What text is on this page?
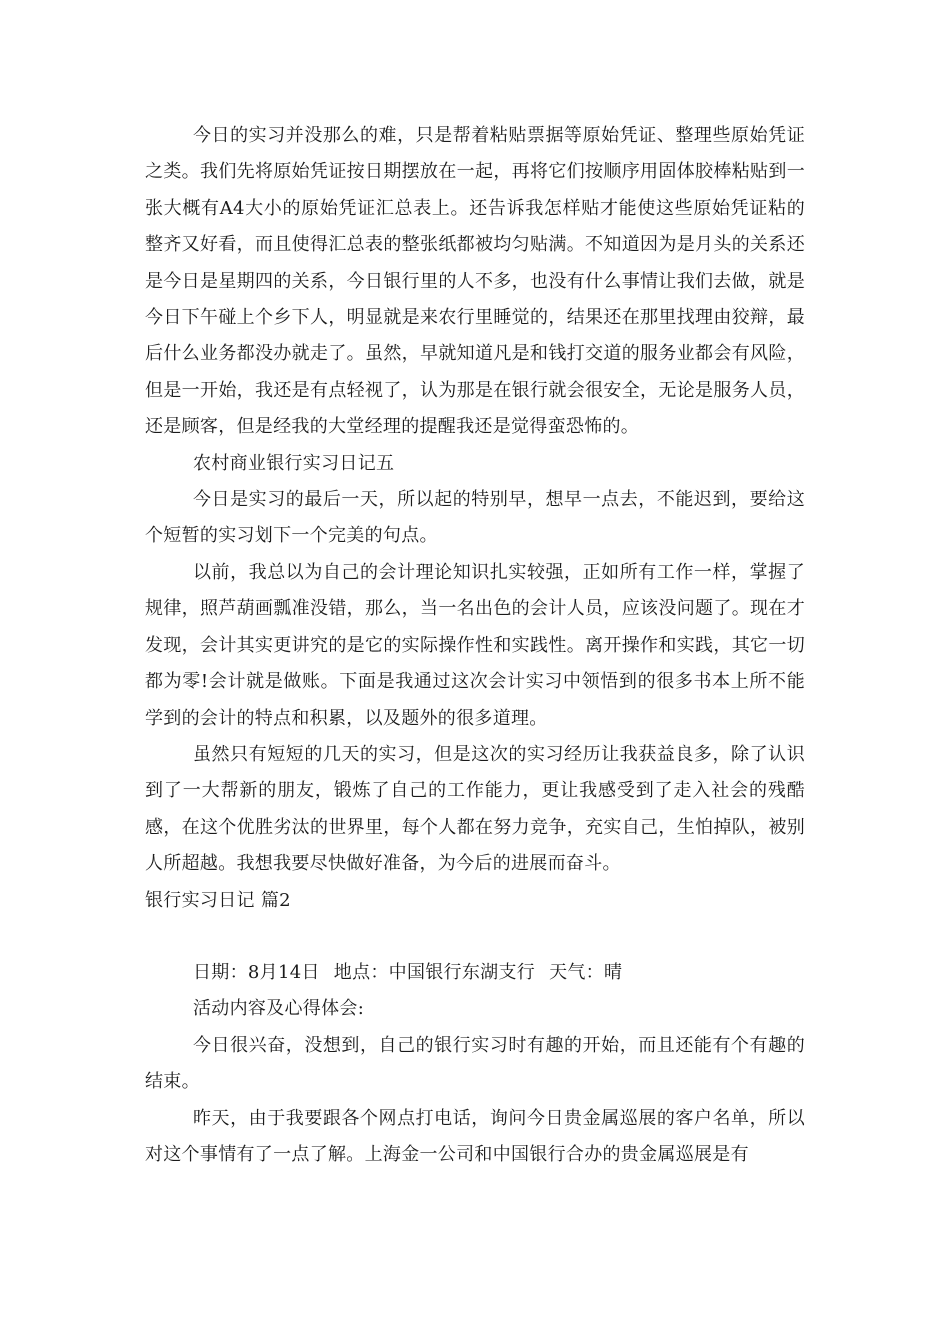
今日的实习并没那么的难，只是帮着粘贴票据等原始凭证、整理些原始凭证之类。我们先将原始凭证按日期摆放在一起，再将它们按顺序用固体胶棒粘贴到一张大概有A4大小的原始凭证汇总表上。还告诉我怎样贴才能使这些原始凭证粘的整齐又好看，而且使得汇总表的整张纸都被均匀贴满。不知道因为是月头的关系还是今日是星期四的关系，今日银行里的人不多，也没有什么事情让我们去做，就是今日下午碰上个乡下人，明显就是来农行里睡觉的，结果还在那里找理由狡辩，最后什么业务都没办就走了。虽然，早就知道凡是和钱打交道的服务业都会有风险，但是一开始，我还是有点轻视了，认为那是在银行就会很安全，无论是服务人员，还是顾客，但是经我的大堂经理的提醒我还是觉得蛮恐怖的。

农村商业银行实习日记五

今日是实习的最后一天，所以起的特别早，想早一点去，不能迟到，要给这个短暂的实习划下一个完美的句点。

以前，我总以为自己的会计理论知识扎实较强，正如所有工作一样，掌握了规律，照芦葫画瓢准没错，那么，当一名出色的会计人员，应该没问题了。现在才发现，会计其实更讲究的是它的实际操作性和实践性。离开操作和实践，其它一切都为零!会计就是做账。下面是我通过这次会计实习中领悟到的很多书本上所不能学到的会计的特点和积累，以及题外的很多道理。

虽然只有短短的几天的实习，但是这次的实习经历让我获益良多，除了认识到了一大帮新的朋友，锻炼了自己的工作能力，更让我感受到了走入社会的残酷感，在这个优胜劣汰的世界里，每个人都在努力竞争，充实自己，生怕掉队，被别人所超越。我想我要尽快做好准备，为今后的进展而奋斗。

银行实习日记 篇2

日期：8月14日 地点：中国银行东湖支行 天气：晴

活动内容及心得体会:

今日很兴奋，没想到，自己的银行实习时有趣的开始，而且还能有个有趣的结束。

昨天，由于我要跟各个网点打电话，询问今日贵金属巡展的客户名单，所以对这个事情有了一点了解。上海金一公司和中国银行合办的贵金属巡展是有
